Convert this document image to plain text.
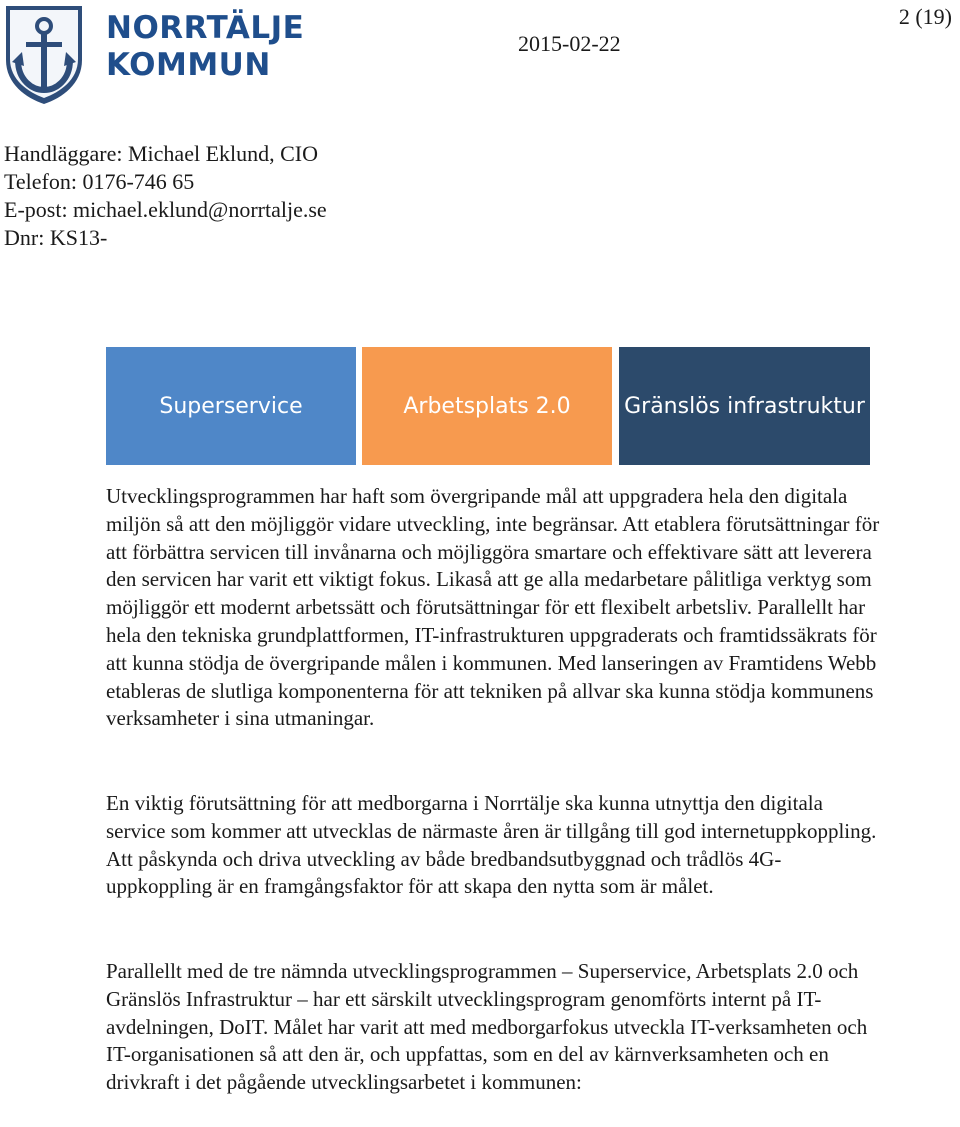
NORRTÄLJE
KOMMUN
2015-02-22
2 (19)
Handläggare: Michael Eklund, CIO
Telefon: 0176-746 65
E-post: michael.eklund@norrtalje.se
Dnr: KS13-
Superservice	Arbetsplats 2.0	Gränslös infrastruktur

Utvecklingsprogrammen har haft som övergripande mål att uppgradera hela den digitala miljön så att den möjliggör vidare utveckling, inte begränsar. Att etablera förutsättningar för att förbättra servicen till invånarna och möjliggöra smartare och effektivare sätt att leverera den servicen har varit ett viktigt fokus. Likaså att ge alla medarbetare pålitliga verktyg som möjliggör ett modernt arbetssätt och förutsättningar för ett flexibelt arbetsliv. Parallellt har hela den tekniska grundplattformen, IT-infrastrukturen uppgraderats och framtidssäkrats för att kunna stödja de övergripande målen i kommunen. Med lanseringen av Framtidens Webb etableras de slutliga komponenterna för att tekniken på allvar ska kunna stödja kommunens verksamheter i sina utmaningar.

En viktig förutsättning för att medborgarna i Norrtälje ska kunna utnyttja den digitala service som kommer att utvecklas de närmaste åren är tillgång till god internetuppkoppling. Att påskynda och driva utveckling av både bredbandsutbyggnad och trådlös 4G-uppkoppling är en framgångsfaktor för att skapa den nytta som är målet.

Parallellt med de tre nämnda utvecklingsprogrammen – Superservice, Arbetsplats 2.0 och Gränslös Infrastruktur – har ett särskilt utvecklingsprogram genomförts internt på IT-avdelningen, DoIT. Målet har varit att med medborgarfokus utveckla IT-verksamheten och IT-organisationen så att den är, och uppfattas, som en del av kärnverksamheten och en drivkraft i det pågående utvecklingsarbetet i kommunen:
